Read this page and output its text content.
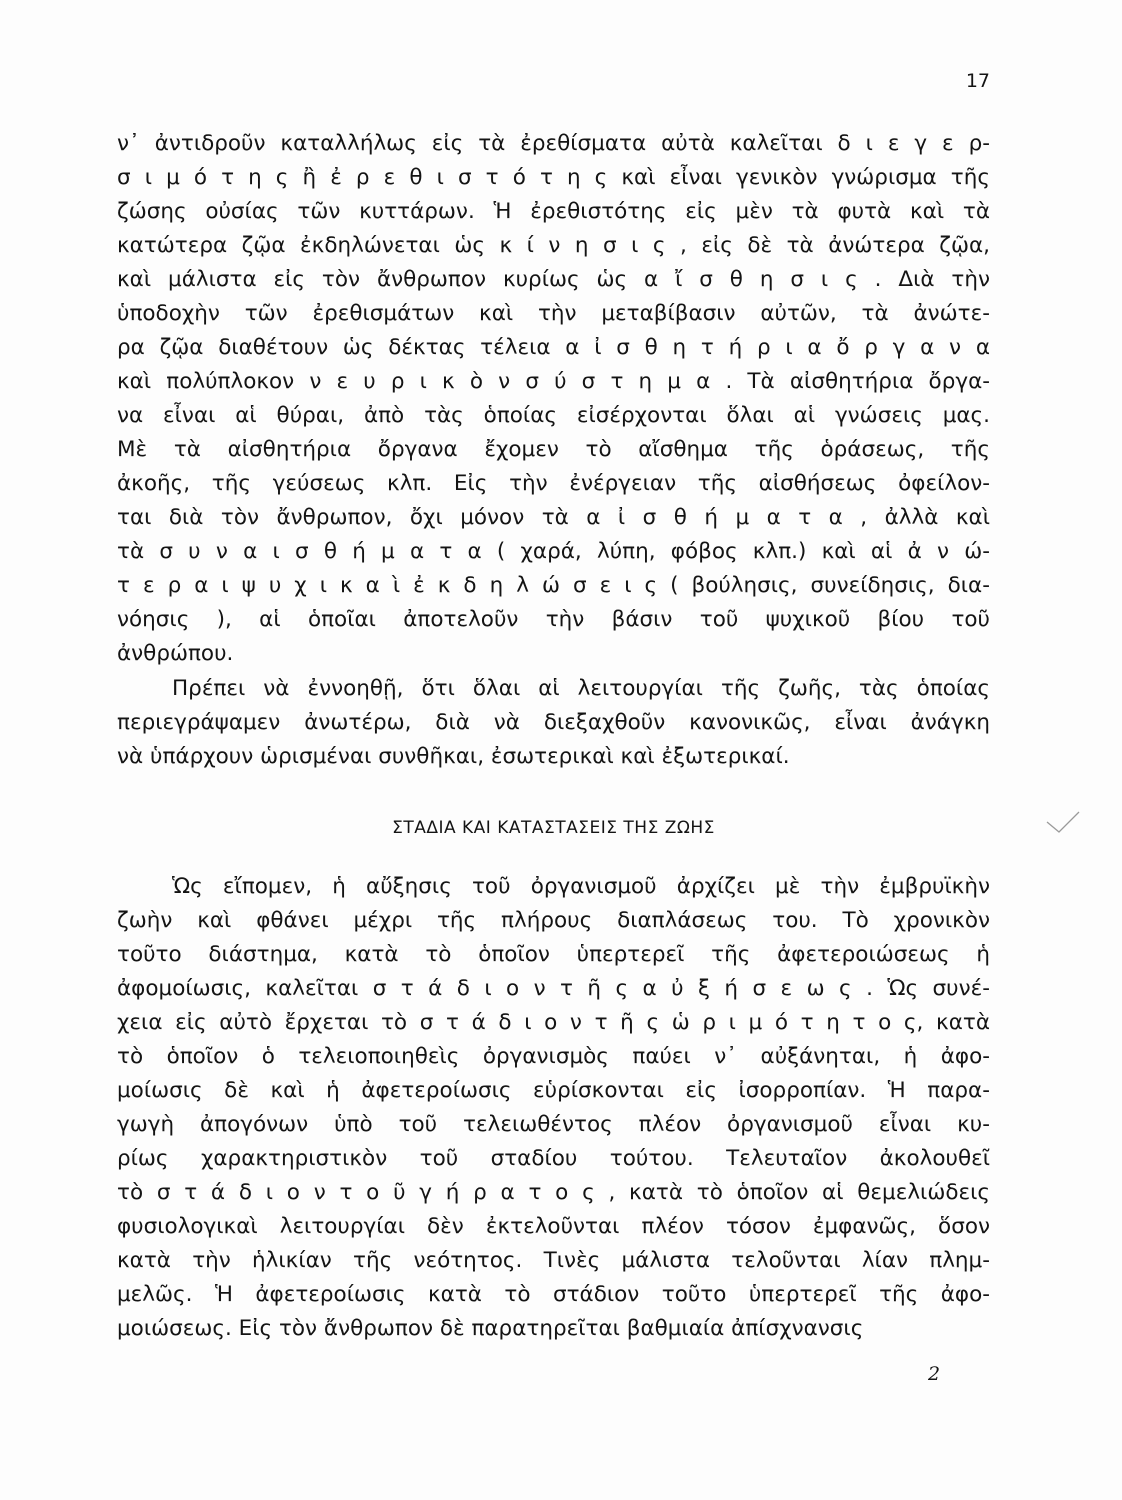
17
ν᾽ ἀντιδροῦν καταλλήλως εἰς τὰ ἐρεθίσματα αὐτὰ καλεῖται δ ι ε γ ε ρ-
σ ι μ ό τ η ς ἢ ἐ ρ ε θ ι σ τ ό τ η ς καὶ εἶναι γενικὸν γνώρισμα τῆς
ζώσης οὐσίας τῶν κυττάρων. Ἡ ἐρεθιστότης εἰς μὲν τὰ φυτὰ καὶ τὰ
κατώτερα ζῷα ἐκδηλώνεται ὡς κ ί ν η σ ι ς , εἰς δὲ τὰ ἀνώτερα ζῷα,
καὶ μάλιστα εἰς τὸν ἄνθρωπον κυρίως ὡς α ἴ σ θ η σ ι ς . Διὰ τὴν
ὑποδοχὴν τῶν ἐρεθισμάτων καὶ τὴν μεταβίβασιν αὐτῶν, τὰ ἀνώτε-
ρα ζῷα διαθέτουν ὡς δέκτας τέλεια α ἰ σ θ η τ ή ρ ι α ὄ ρ γ α ν α
καὶ πολύπλοκον ν ε υ ρ ι κ ὸ ν σ ύ σ τ η μ α . Τὰ αἰσθητήρια ὄργα-
να εἶναι αἱ θύραι, ἀπὸ τὰς ὁποίας εἰσέρχονται ὅλαι αἱ γνώσεις μας.
Μὲ τὰ αἰσθητήρια ὄργανα ἔχομεν τὸ αἴσθημα τῆς ὁράσεως, τῆς
ἀκοῆς, τῆς γεύσεως κλπ. Εἰς τὴν ἐνέργειαν τῆς αἰσθήσεως ὀφείλον-
ται διὰ τὸν ἄνθρωπον, ὄχι μόνον τὰ α ἰ σ θ ή μ α τ α , ἀλλὰ καὶ
τὰ σ υ ν α ι σ θ ή μ α τ α ( χαρά, λύπη, φόβος κλπ.) καὶ αἱ ἀ ν ώ-
τ ε ρ α ι ψ υ χ ι κ α ὶ ἐ κ δ η λ ώ σ ε ι ς ( βούλησις, συνείδησις, δια-
νόησις ), αἱ ὁποῖαι ἀποτελοῦν τὴν βάσιν τοῦ ψυχικοῦ βίου τοῦ
ἀνθρώπου.
Πρέπει νὰ ἐννοηθῇ, ὅτι ὅλαι αἱ λειτουργίαι τῆς ζωῆς, τὰς ὁποίας
περιεγράψαμεν ἀνωτέρω, διὰ νὰ διεξαχθοῦν κανονικῶς, εἶναι ἀνάγκη
νὰ ὑπάρχουν ὡρισμέναι συνθῆκαι, ἐσωτερικαὶ καὶ ἐξωτερικαί.
ΣΤΑΔΙΑ ΚΑΙ ΚΑΤΑΣΤΑΣΕΙΣ ΤΗΣ ΖΩΗΣ
Ὡς εἴπομεν, ἡ αὔξησις τοῦ ὀργανισμοῦ ἀρχίζει μὲ τὴν ἐμβρυϊκὴν
ζωὴν καὶ φθάνει μέχρι τῆς πλήρους διαπλάσεως του. Τὸ χρονικὸν
τοῦτο διάστημα, κατὰ τὸ ὁποῖον ὑπερτερεῖ τῆς ἀφετεροιώσεως ἡ
ἀφομοίωσις, καλεῖται σ τ ά δ ι ο ν τ ῆ ς α ὐ ξ ή σ ε ω ς . Ὡς συνέ-
χεια εἰς αὐτὸ ἔρχεται τὸ σ τ ά δ ι ο ν τ ῆ ς ὡ ρ ι μ ό τ η τ ο ς, κατὰ
τὸ ὁποῖον ὁ τελειοποιηθεὶς ὀργανισμὸς παύει ν᾽ αὐξάνηται, ἡ ἀφο-
μοίωσις δὲ καὶ ἡ ἀφετεροίωσις εὑρίσκονται εἰς ἰσορροπίαν. Ἡ παρα-
γωγὴ ἀπογόνων ὑπὸ τοῦ τελειωθέντος πλέον ὀργανισμοῦ εἶναι κυ-
ρίως χαρακτηριστικὸν τοῦ σταδίου τούτου. Τελευταῖον ἀκολουθεῖ
τὸ σ τ ά δ ι ο ν τ ο ῦ γ ή ρ α τ ο ς , κατὰ τὸ ὁποῖον αἱ θεμελιώδεις
φυσιολογικαὶ λειτουργίαι δὲν ἐκτελοῦνται πλέον τόσον ἐμφανῶς, ὅσον
κατὰ τὴν ἡλικίαν τῆς νεότητος. Τινὲς μάλιστα τελοῦνται λίαν πλημ-
μελῶς. Ἡ ἀφετεροίωσις κατὰ τὸ στάδιον τοῦτο ὑπερτερεῖ τῆς ἀφο-
μοιώσεως. Εἰς τὸν ἄνθρωπον δὲ παρατηρεῖται βαθμιαία ἀπίσχνανσις
2
